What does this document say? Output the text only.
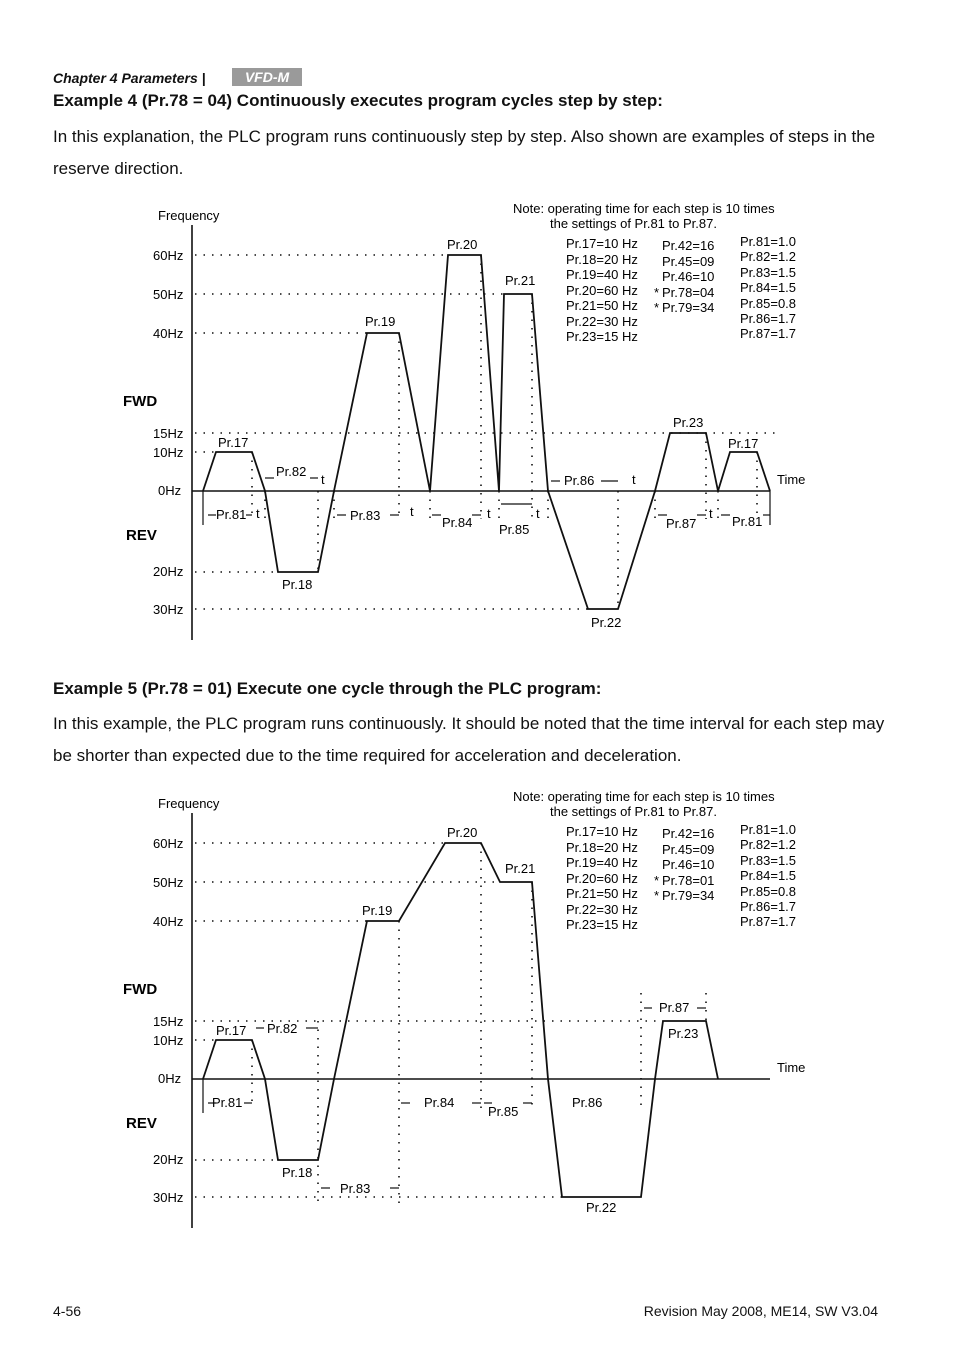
Chapter 4 Parameters |	VFD-M
Example 4 (Pr.78 = 04) Continuously executes program cycles step by step:
In this explanation, the PLC program runs continuously step by step. Also shown are examples of steps in the reserve direction.
Frequency
Time
FWD
REV
60Hz
50Hz
40Hz
15Hz
10Hz
0Hz
20Hz
30Hz
Note: operating time for each step is 10 times
the settings of Pr.81 to Pr.87.
Pr.17=10 Hz
Pr.18=20 Hz
Pr.19=40 Hz
Pr.20=60 Hz
Pr.21=50 Hz
Pr.22=30 Hz
Pr.23=15 Hz
Pr.42=16
Pr.45=09
Pr.46=10
* Pr.78=04
* Pr.79=34
Pr.81=1.0
Pr.82=1.2
Pr.83=1.5
Pr.84=1.5
Pr.85=0.8
Pr.86=1.7
Pr.87=1.7
Pr.17
Pr.18
Pr.19
Pr.20
Pr.21
Pr.22
Pr.23
Pr.17
Pr.81
Pr.82
Pr.83	Pr.84 Pr.85
Pr.86
Pr.87	Pr.81
t
t
t	t	t
t
t
Example 5 (Pr.78 = 01) Execute one cycle through the PLC program:
In this example, the PLC program runs continuously. It should be noted that the time interval for each step may be shorter than expected due to the time required for acceleration and deceleration.
Frequency
Time
FWD
REV
60Hz
50Hz
40Hz
15Hz
10Hz
0Hz
20Hz
30Hz
Note: operating time for each step is 10 times
the settings of Pr.81 to Pr.87.
Pr.17=10 Hz
Pr.18=20 Hz
Pr.19=40 Hz
Pr.20=60 Hz
Pr.21=50 Hz
Pr.22=30 Hz
Pr.23=15 Hz
Pr.42=16
Pr.45=09
Pr.46=10
* Pr.78=01
* Pr.79=34
Pr.81=1.0
Pr.82=1.2
Pr.83=1.5
Pr.84=1.5
Pr.85=0.8
Pr.86=1.7
Pr.87=1.7
Pr.17
Pr.18
Pr.19
Pr.20
Pr.21
Pr.22
Pr.23
Pr.81
Pr.82
Pr.83
Pr.84
Pr.85
Pr.86
Pr.87
4-56	Revision May 2008, ME14, SW V3.04
